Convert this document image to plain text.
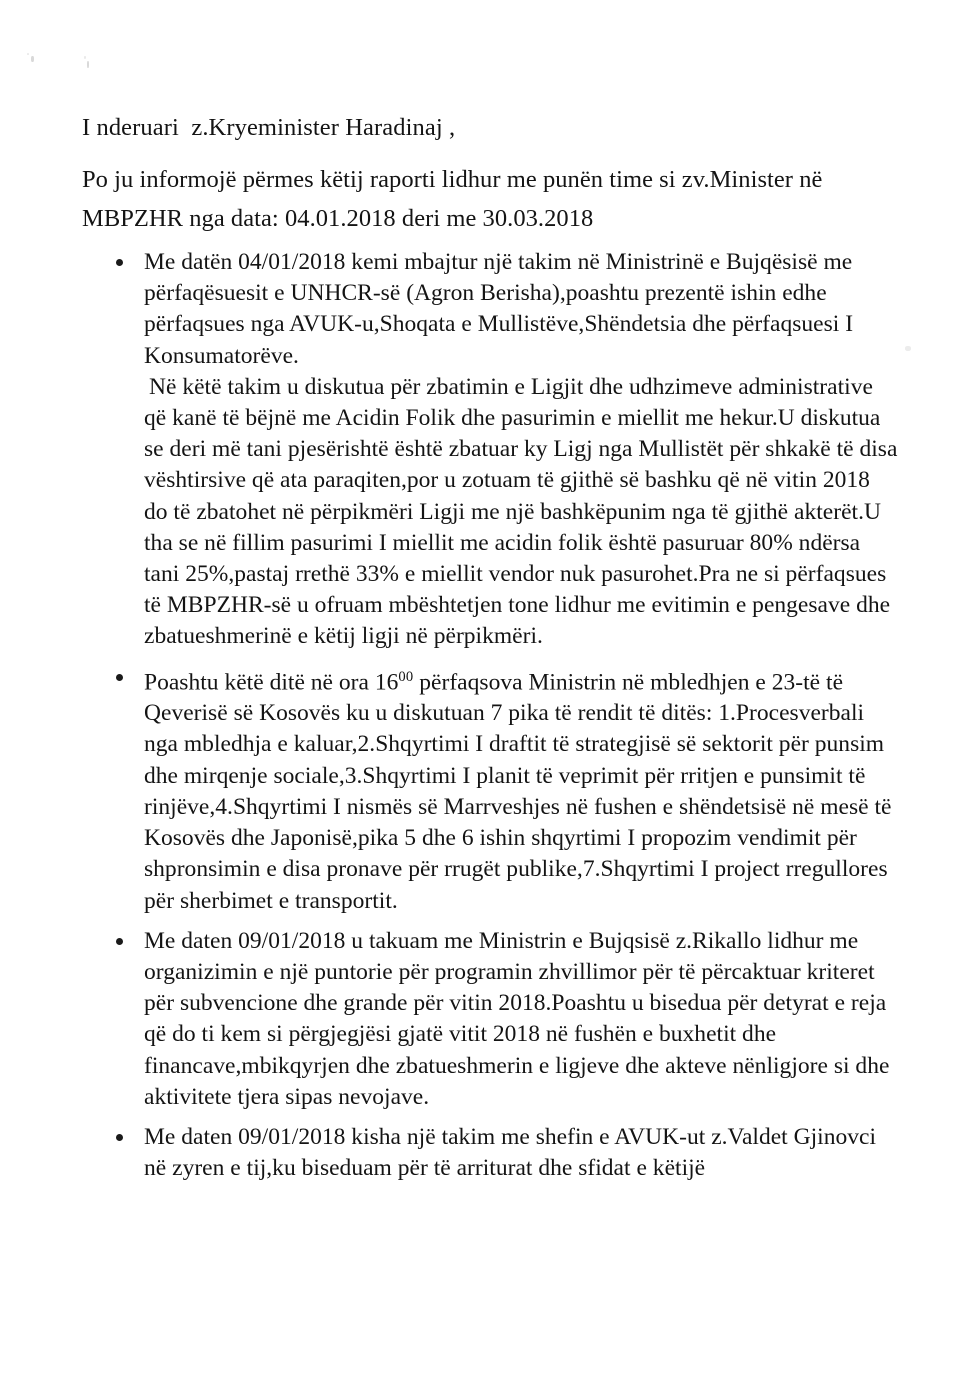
I nderuari  z.Kryeminister Haradinaj ,

Po ju informojë përmes këtij raporti lidhur me punën time si zv.Minister në MBPZHR nga data: 04.01.2018 deri me 30.03.2018

Me datën 04/01/2018 kemi mbajtur një takim në Ministrinë e Bujqësisë me përfaqësuesit e UNHCR-së (Agron Berisha),poashtu prezentë ishin edhe përfaqsues nga AVUK-u,Shoqata e Mullistëve,Shëndetsia dhe përfaqsuesi I Konsumatorëve.

Në këtë takim u diskutua për zbatimin e Ligjit dhe udhzimeve administrative që kanë të bëjnë me Acidin Folik dhe pasurimin e miellit me hekur.U diskutua se deri më tani pjesërishtë është zbatuar ky Ligj nga Mullistët për shkakë të disa vështirsive që ata paraqiten,por u zotuam të gjithë së bashku që në vitin 2018 do të zbatohet në përpikmëri Ligji me një bashkëpunim nga të gjithë akterët.U tha se në fillim pasurimi I miellit me acidin folik është pasuruar 80% ndërsa tani 25%,pastaj rrethë 33% e miellit vendor nuk pasurohet.Pra ne si përfaqsues të MBPZHR-së u ofruam mbështetjen tone lidhur me evitimin e pengesave dhe zbatueshmerinë e këtij ligji në përpikmëri.

Poashtu këtë ditë në ora $16^{00}$ përfaqsova Ministrin në mbledhjen e 23-të të Qeverisë së Kosovës ku u diskutuan 7 pika të rendit të ditës: 1.Procesverbali nga mbledhja e kaluar,2.Shqyrtimi I draftit të strategjisë së sektorit për punsim dhe mirqenje sociale,3.Shqyrtimi I planit të veprimit për rritjen e punsimit të rinjëve,4.Shqyrtimi I nismës së Marrveshjes në fushen e shëndetsisë në mesë të Kosovës dhe Japonisë,pika 5 dhe 6 ishin shqyrtimi I propozim vendimit për shpronsimin e disa pronave për rrugët publike,7.Shqyrtimi I project rregullores për sherbimet e transportit.

Me daten 09/01/2018 u takuam me Ministrin e Bujqsisë z.Rikallo lidhur me organizimin e një puntorie për programin zhvillimor për të përcaktuar kriteret për subvencione dhe grande për vitin 2018.Poashtu u bisedua për detyrat e reja që do ti kem si përgjegjësi gjatë vitit 2018 në fushën e buxhetit dhe financave,mbikqyrjen dhe zbatueshmerin e ligjeve dhe akteve nënligjore si dhe aktivitete tjera sipas nevojave.

Me daten 09/01/2018 kisha një takim me shefin e AVUK-ut z.Valdet Gjinovci në zyren e tij,ku biseduam për të arriturat dhe sfidat e këtijë
